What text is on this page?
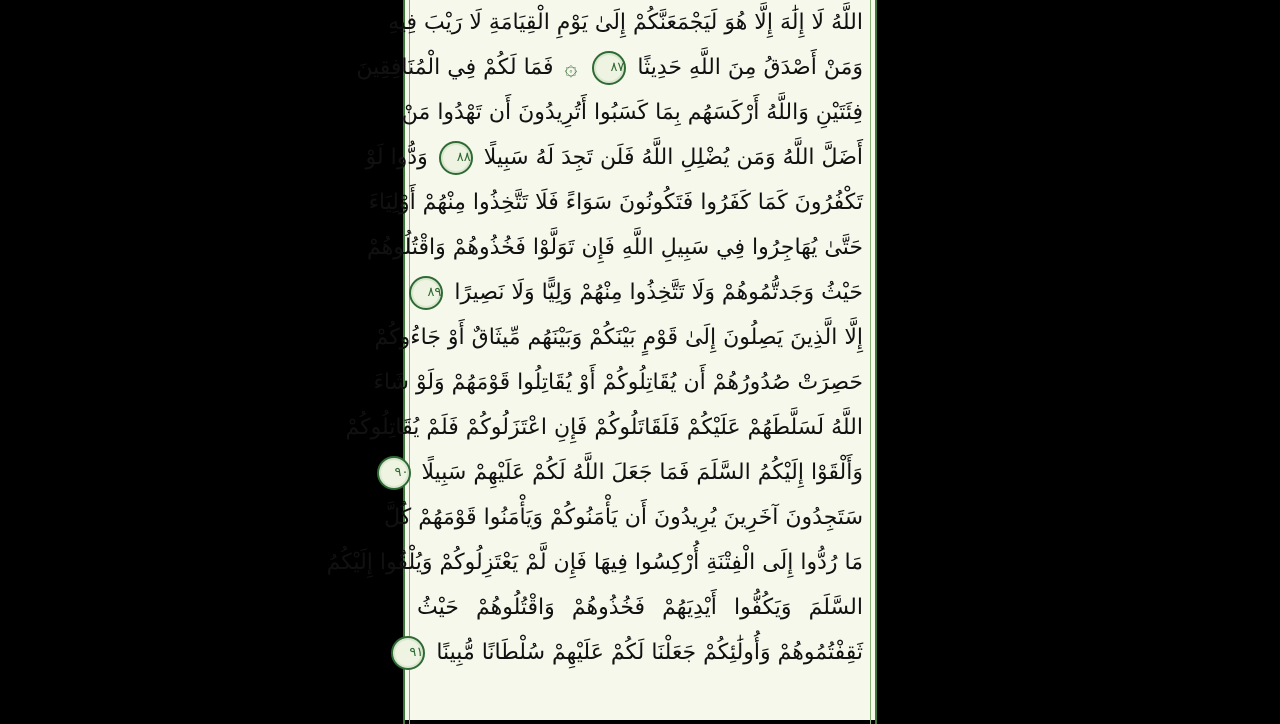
اللَّهُ لَا إِلَٰهَ إِلَّا هُوَ لَيَجْمَعَنَّكُمْ إِلَىٰ يَوْمِ الْقِيَامَةِ لَا رَيْبَ فِيهِ
وَمَنْ أَصْدَقُ مِنَ اللَّهِ حَدِيثًا ٨٧ ۞ فَمَا لَكُمْ فِي الْمُنَافِقِينَ
فِئَتَيْنِ وَاللَّهُ أَرْكَسَهُم بِمَا كَسَبُوا أَتُرِيدُونَ أَن تَهْدُوا مَنْ
أَضَلَّ اللَّهُ وَمَن يُضْلِلِ اللَّهُ فَلَن تَجِدَ لَهُ سَبِيلًا ٨٨ وَدُّوا لَوْ
تَكْفُرُونَ كَمَا كَفَرُوا فَتَكُونُونَ سَوَاءً فَلَا تَتَّخِذُوا مِنْهُمْ أَوْلِيَاءَ
حَتَّىٰ يُهَاجِرُوا فِي سَبِيلِ اللَّهِ فَإِن تَوَلَّوْا فَخُذُوهُمْ وَاقْتُلُوهُمْ
حَيْثُ وَجَدتُّمُوهُمْ وَلَا تَتَّخِذُوا مِنْهُمْ وَلِيًّا وَلَا نَصِيرًا ٨٩
إِلَّا الَّذِينَ يَصِلُونَ إِلَىٰ قَوْمٍ بَيْنَكُمْ وَبَيْنَهُم مِّيثَاقٌ أَوْ جَاءُوكُمْ
حَصِرَتْ صُدُورُهُمْ أَن يُقَاتِلُوكُمْ أَوْ يُقَاتِلُوا قَوْمَهُمْ وَلَوْ شَاءَ
اللَّهُ لَسَلَّطَهُمْ عَلَيْكُمْ فَلَقَاتَلُوكُمْ فَإِنِ اعْتَزَلُوكُمْ فَلَمْ يُقَاتِلُوكُمْ
وَأَلْقَوْا إِلَيْكُمُ السَّلَمَ فَمَا جَعَلَ اللَّهُ لَكُمْ عَلَيْهِمْ سَبِيلًا ٩٠
سَتَجِدُونَ آخَرِينَ يُرِيدُونَ أَن يَأْمَنُوكُمْ وَيَأْمَنُوا قَوْمَهُمْ كُلَّ
مَا رُدُّوا إِلَى الْفِتْنَةِ أُرْكِسُوا فِيهَا فَإِن لَّمْ يَعْتَزِلُوكُمْ وَيُلْقُوا إِلَيْكُمُ
السَّلَمَ وَيَكُفُّوا أَيْدِيَهُمْ فَخُذُوهُمْ وَاقْتُلُوهُمْ حَيْثُ
ثَقِفْتُمُوهُمْ وَأُولَٰئِكُمْ جَعَلْنَا لَكُمْ عَلَيْهِمْ سُلْطَانًا مُّبِينًا ٩١
